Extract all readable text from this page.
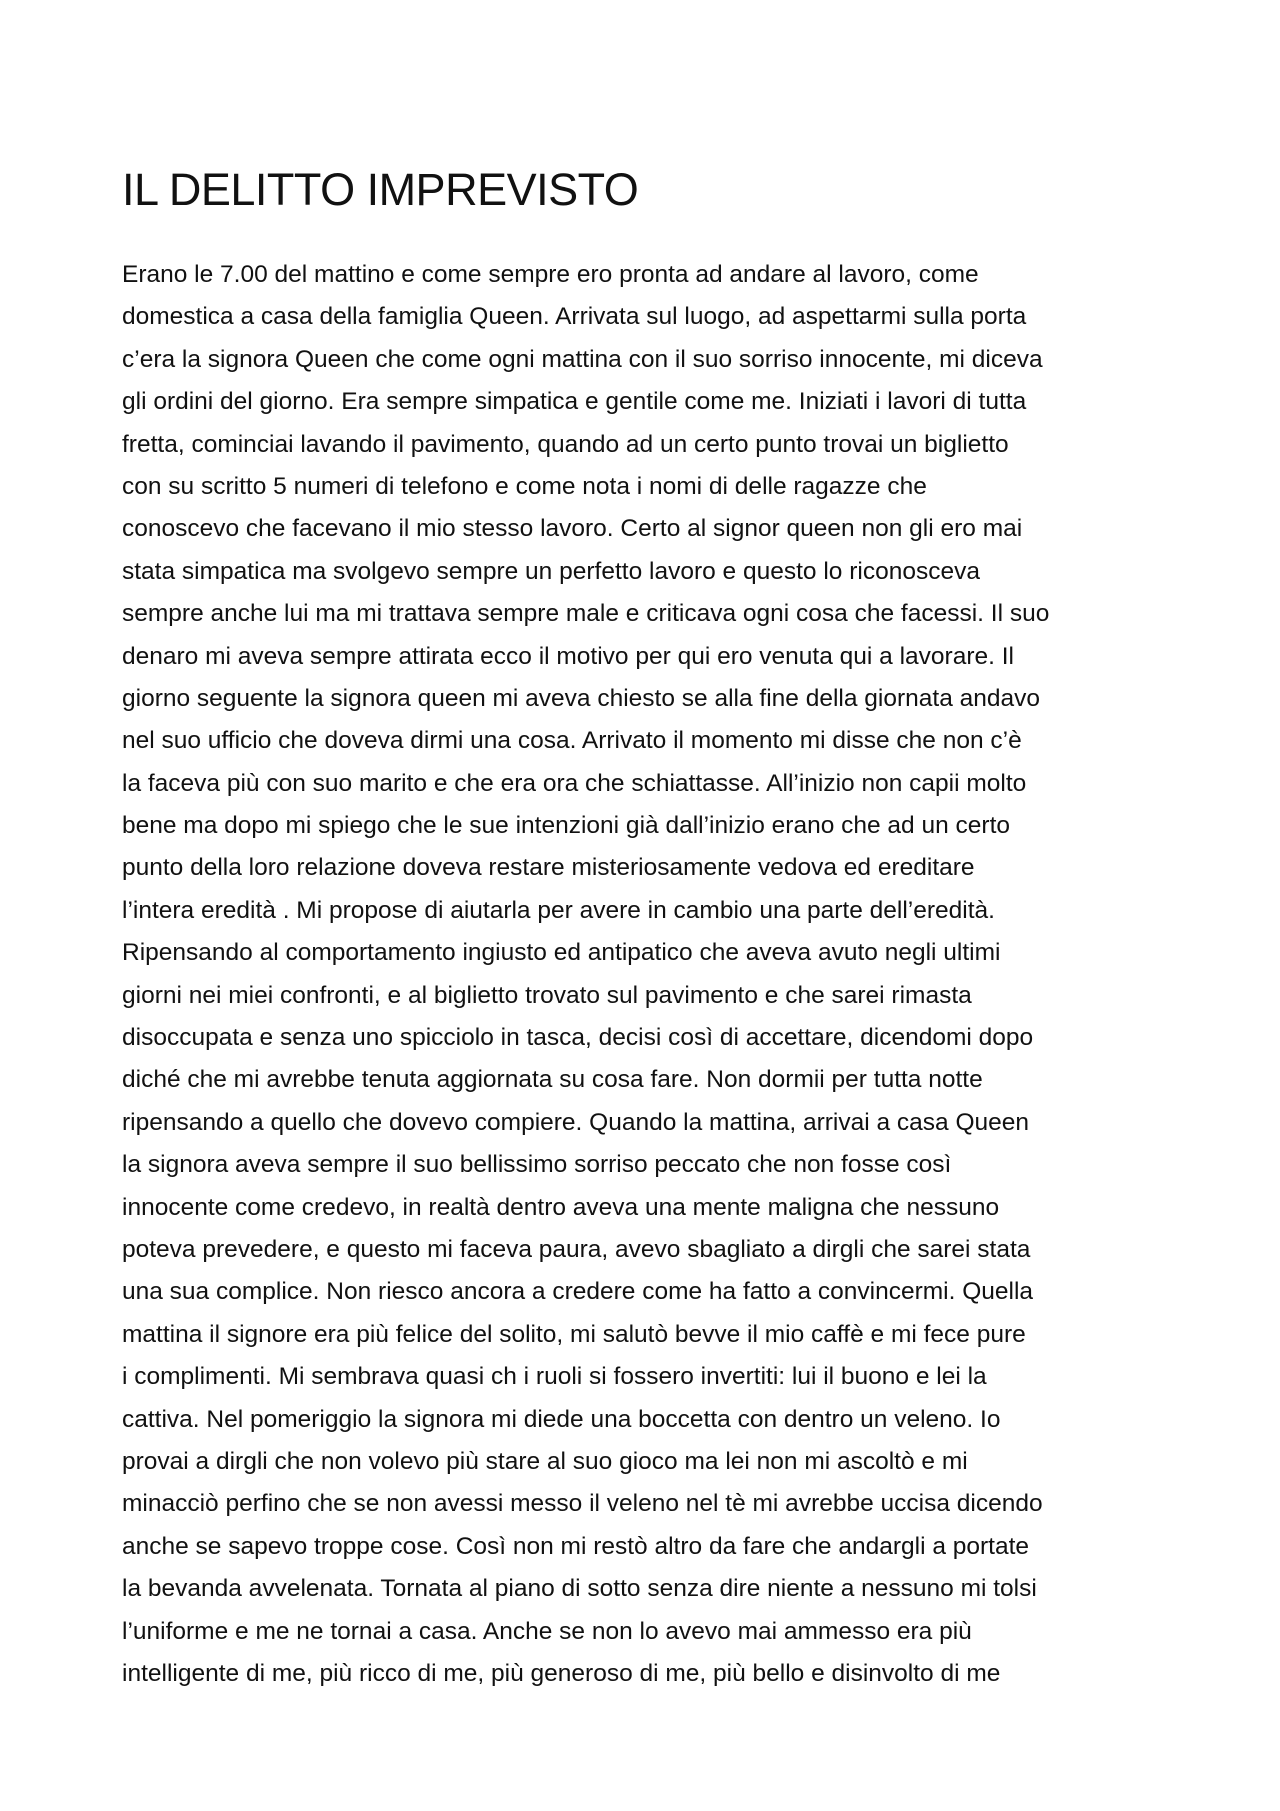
IL DELITTO IMPREVISTO
Erano le 7.00 del mattino e come sempre ero pronta ad andare al lavoro, come
domestica a casa della famiglia Queen. Arrivata sul luogo, ad aspettarmi sulla porta
c’era la signora Queen che come ogni mattina con il suo sorriso innocente, mi diceva
gli ordini del giorno. Era sempre simpatica e gentile come me. Iniziati i lavori di tutta
fretta, cominciai lavando il pavimento, quando ad un certo punto trovai un biglietto
con su scritto 5 numeri di telefono e come nota i nomi di delle ragazze che
conoscevo che facevano il mio stesso lavoro. Certo al signor queen non gli ero mai
stata simpatica ma svolgevo sempre un perfetto lavoro e questo lo riconosceva
sempre anche lui ma mi trattava sempre male e criticava ogni cosa che facessi. Il suo
denaro mi aveva sempre attirata ecco il motivo per qui ero venuta qui a lavorare. Il
giorno seguente la signora queen mi aveva chiesto se alla fine della giornata andavo
nel suo ufficio che doveva dirmi una cosa. Arrivato il momento mi disse che non c’è
la faceva più con suo marito e che era ora che schiattasse. All’inizio non capii molto
bene ma dopo mi spiego che le sue intenzioni già dall’inizio erano che ad un certo
punto della loro relazione doveva restare misteriosamente vedova ed ereditare
l’intera eredità . Mi propose di aiutarla per avere in cambio una parte dell’eredità.
Ripensando al comportamento ingiusto ed antipatico che aveva avuto negli ultimi
giorni nei miei confronti, e al biglietto trovato sul pavimento e che sarei rimasta
disoccupata e senza uno spicciolo in tasca, decisi così di accettare, dicendomi dopo
diché che mi avrebbe tenuta aggiornata su cosa fare. Non dormii per tutta notte
ripensando a quello che dovevo compiere. Quando la mattina, arrivai a casa Queen
la signora aveva sempre il suo bellissimo sorriso peccato che non fosse così
innocente come credevo, in realtà dentro aveva una mente maligna che nessuno
poteva prevedere, e questo mi faceva paura, avevo sbagliato a dirgli che sarei stata
una sua complice. Non riesco ancora a credere come ha fatto a convincermi. Quella
mattina il signore era più felice del solito, mi salutò bevve il mio caffè e mi fece pure
i complimenti. Mi sembrava quasi ch i ruoli si fossero invertiti: lui il buono e lei la
cattiva. Nel pomeriggio la signora mi diede una boccetta con dentro un veleno. Io
provai a dirgli che non volevo più stare al suo gioco ma lei non mi ascoltò e mi
minacciò perfino che se non avessi messo il veleno nel tè mi avrebbe uccisa dicendo
anche se sapevo troppe cose. Così non mi restò altro da fare che andargli a portate
la bevanda avvelenata. Tornata al piano di sotto senza dire niente a nessuno mi tolsi
l’uniforme e me ne tornai a casa. Anche se non lo avevo mai ammesso era più
intelligente di me, più ricco di me, più generoso di me, più bello e disinvolto di me
